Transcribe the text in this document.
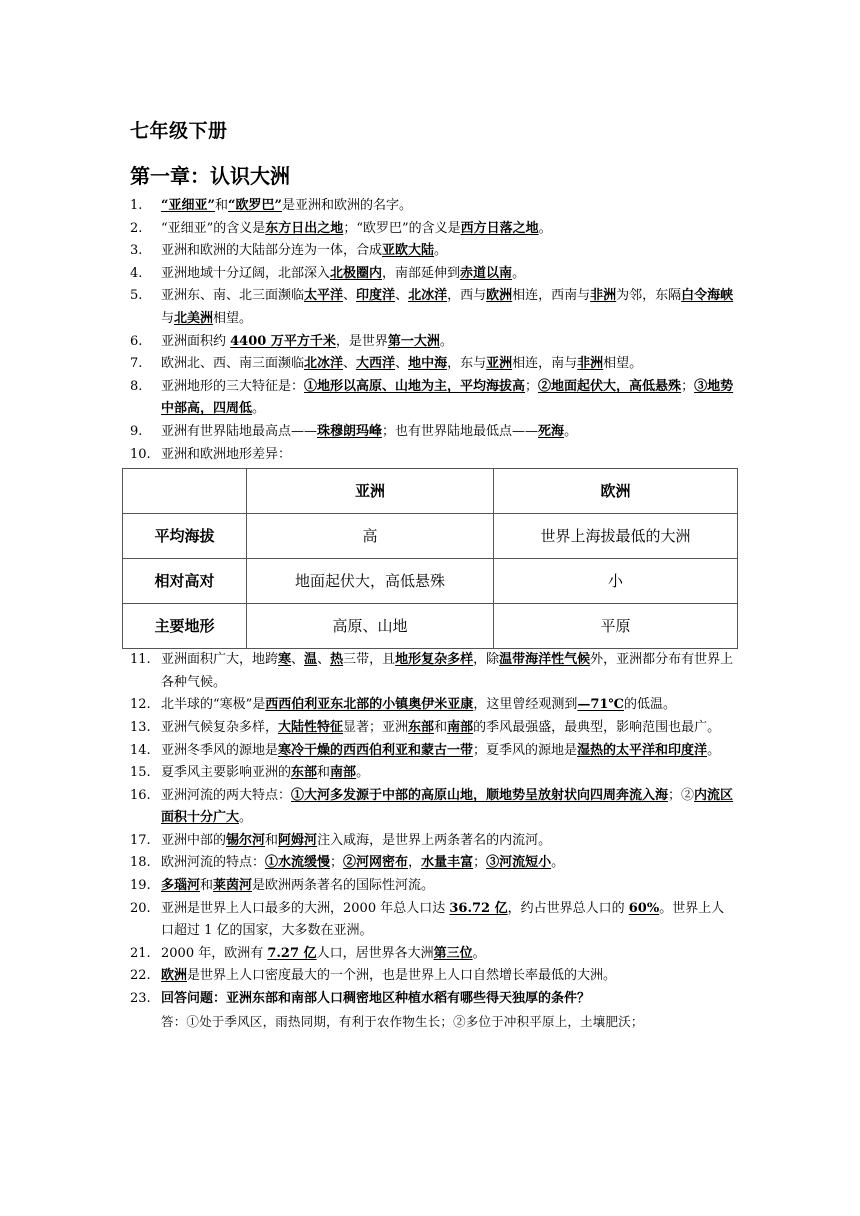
七年级下册
第一章：认识大洲
1. “亚细亚”和“欧罗巴”是亚洲和欧洲的名字。
2. “亚细亚”的含义是东方日出之地；“欧罗巴”的含义是西方日落之地。
3. 亚洲和欧洲的大陆部分连为一体，合成亚欧大陆。
4. 亚洲地域十分辽阔，北部深入北极圈内，南部延伸到赤道以南。
5. 亚洲东、南、北三面濒临太平洋、印度洋、北冰洋，西与欧洲相连，西南与非洲为邻，东隔白令海峡与北美洲相望。
6. 亚洲面积约 4400 万平方千米，是世界第一大洲。
7. 欧洲北、西、南三面濒临北冰洋、大西洋、地中海，东与亚洲相连，南与非洲相望。
8. 亚洲地形的三大特征是：①地形以高原、山地为主，平均海拔高；②地面起伏大，高低悬殊；③地势中部高，四周低。
9. 亚洲有世界陆地最高点——珠穆朗玛峰；也有世界陆地最低点——死海。
10. 亚洲和欧洲地形差异：
	亚洲	欧洲
平均海拔	高	世界上海拔最低的大洲
相对高对	地面起伏大，高低悬殊	小
主要地形	高原、山地	平原
11. 亚洲面积广大，地跨寒、温、热三带，且地形复杂多样，除温带海洋性气候外，亚洲都分布有世界上各种气候。
12. 北半球的“寒极”是西西伯利亚东北部的小镇奥伊米亚康，这里曾经观测到—71℃的低温。
13. 亚洲气候复杂多样，大陆性特征显著；亚洲东部和南部的季风最强盛，最典型，影响范围也最广。
14. 亚洲冬季风的源地是寒冷干燥的西西伯利亚和蒙古一带；夏季风的源地是湿热的太平洋和印度洋。
15. 夏季风主要影响亚洲的东部和南部。
16. 亚洲河流的两大特点：①大河多发源于中部的高原山地，顺地势呈放射状向四周奔流入海；②内流区面积十分广大。
17. 亚洲中部的锡尔河和阿姆河注入咸海，是世界上两条著名的内流河。
18. 欧洲河流的特点：①水流缓慢；②河网密布，水量丰富；③河流短小。
19. 多瑙河和莱茵河是欧洲两条著名的国际性河流。
20. 亚洲是世界上人口最多的大洲，2000 年总人口达 36.72 亿，约占世界总人口的 60%。世界上人口超过 1 亿的国家，大多数在亚洲。
21. 2000 年，欧洲有 7.27 亿人口，居世界各大洲第三位。
22. 欧洲是世界上人口密度最大的一个洲，也是世界上人口自然增长率最低的大洲。
23. 回答问题：亚洲东部和南部人口稠密地区种植水稻有哪些得天独厚的条件？
答：①处于季风区，雨热同期，有利于农作物生长；②多位于冲积平原上，土壤肥沃；
